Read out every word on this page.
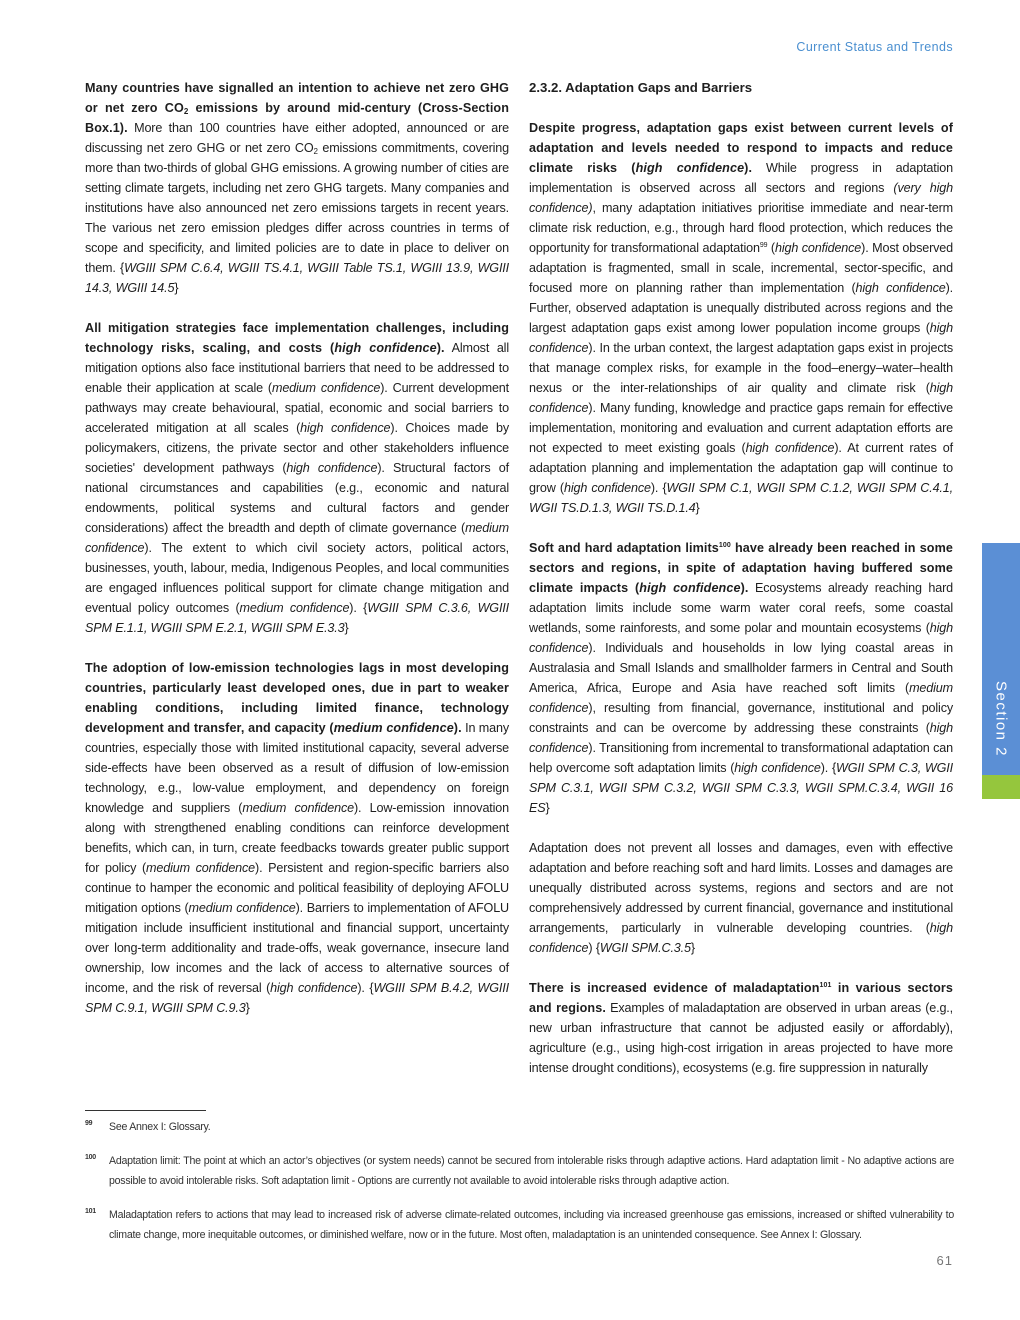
Current Status and Trends

Many countries have signalled an intention to achieve net zero GHG or net zero $CO_2$ emissions by around mid-century (Cross-Section Box.1). More than 100 countries have either adopted, announced or are discussing net zero GHG or net zero $CO_2$ emissions commitments, covering more than two-thirds of global GHG emissions. A growing number of cities are setting climate targets, including net zero GHG targets. Many companies and institutions have also announced net zero emissions targets in recent years. The various net zero emission pledges differ across countries in terms of scope and specificity, and limited policies are to date in place to deliver on them. {WGIII SPM C.6.4, WGIII TS.4.1, WGIII Table TS.1, WGIII 13.9, WGIII 14.3, WGIII 14.5}

All mitigation strategies face implementation challenges, including technology risks, scaling, and costs (high confidence). Almost all mitigation options also face institutional barriers that need to be addressed to enable their application at scale (medium confidence). Current development pathways may create behavioural, spatial, economic and social barriers to accelerated mitigation at all scales (high confidence). Choices made by policymakers, citizens, the private sector and other stakeholders influence societies' development pathways (high confidence). Structural factors of national circumstances and capabilities (e.g., economic and natural endowments, political systems and cultural factors and gender considerations) affect the breadth and depth of climate governance (medium confidence). The extent to which civil society actors, political actors, businesses, youth, labour, media, Indigenous Peoples, and local communities are engaged influences political support for climate change mitigation and eventual policy outcomes (medium confidence). {WGIII SPM C.3.6, WGIII SPM E.1.1, WGIII SPM E.2.1, WGIII SPM E.3.3}

The adoption of low-emission technologies lags in most developing countries, particularly least developed ones, due in part to weaker enabling conditions, including limited finance, technology development and transfer, and capacity (medium confidence). In many countries, especially those with limited institutional capacity, several adverse side-effects have been observed as a result of diffusion of low-emission technology, e.g., low-value employment, and dependency on foreign knowledge and suppliers (medium confidence). Low-emission innovation along with strengthened enabling conditions can reinforce development benefits, which can, in turn, create feedbacks towards greater public support for policy (medium confidence). Persistent and region-specific barriers also continue to hamper the economic and political feasibility of deploying AFOLU mitigation options (medium confidence). Barriers to implementation of AFOLU mitigation include insufficient institutional and financial support, uncertainty over long-term additionality and trade-offs, weak governance, insecure land ownership, low incomes and the lack of access to alternative sources of income, and the risk of reversal (high confidence). {WGIII SPM B.4.2, WGIII SPM C.9.1, WGIII SPM C.9.3}

2.3.2. Adaptation Gaps and Barriers

Despite progress, adaptation gaps exist between current levels of adaptation and levels needed to respond to impacts and reduce climate risks (high confidence). While progress in adaptation implementation is observed across all sectors and regions (very high confidence), many adaptation initiatives prioritise immediate and near-term climate risk reduction, e.g., through hard flood protection, which reduces the opportunity for transformational adaptation$^{99}$ (high confidence). Most observed adaptation is fragmented, small in scale, incremental, sector-specific, and focused more on planning rather than implementation (high confidence). Further, observed adaptation is unequally distributed across regions and the largest adaptation gaps exist among lower population income groups (high confidence). In the urban context, the largest adaptation gaps exist in projects that manage complex risks, for example in the food–energy–water–health nexus or the inter-relationships of air quality and climate risk (high confidence). Many funding, knowledge and practice gaps remain for effective implementation, monitoring and evaluation and current adaptation efforts are not expected to meet existing goals (high confidence). At current rates of adaptation planning and implementation the adaptation gap will continue to grow (high confidence). {WGII SPM C.1, WGII SPM C.1.2, WGII SPM C.4.1, WGII TS.D.1.3, WGII TS.D.1.4}

Soft and hard adaptation limits$^{100}$ have already been reached in some sectors and regions, in spite of adaptation having buffered some climate impacts (high confidence). Ecosystems already reaching hard adaptation limits include some warm water coral reefs, some coastal wetlands, some rainforests, and some polar and mountain ecosystems (high confidence). Individuals and households in low lying coastal areas in Australasia and Small Islands and smallholder farmers in Central and South America, Africa, Europe and Asia have reached soft limits (medium confidence), resulting from financial, governance, institutional and policy constraints and can be overcome by addressing these constraints (high confidence). Transitioning from incremental to transformational adaptation can help overcome soft adaptation limits (high confidence). {WGII SPM C.3, WGII SPM C.3.1, WGII SPM C.3.2, WGII SPM C.3.3, WGII SPM.C.3.4, WGII 16 ES}

Adaptation does not prevent all losses and damages, even with effective adaptation and before reaching soft and hard limits. Losses and damages are unequally distributed across systems, regions and sectors and are not comprehensively addressed by current financial, governance and institutional arrangements, particularly in vulnerable developing countries. (high confidence) {WGII SPM.C.3.5}

There is increased evidence of maladaptation$^{101}$ in various sectors and regions. Examples of maladaptation are observed in urban areas (e.g., new urban infrastructure that cannot be adjusted easily or affordably), agriculture (e.g., using high-cost irrigation in areas projected to have more intense drought conditions), ecosystems (e.g. fire suppression in naturally

99	See Annex I: Glossary.
100	Adaptation limit: The point at which an actor’s objectives (or system needs) cannot be secured from intolerable risks through adaptive actions. Hard adaptation limit - No adaptive actions are possible to avoid intolerable risks. Soft adaptation limit - Options are currently not available to avoid intolerable risks through adaptive action.
101	Maladaptation refers to actions that may lead to increased risk of adverse climate-related outcomes, including via increased greenhouse gas emissions, increased or shifted vulnerability to climate change, more inequitable outcomes, or diminished welfare, now or in the future. Most often, maladaptation is an unintended consequence. See Annex I: Glossary.
61
Section 2
